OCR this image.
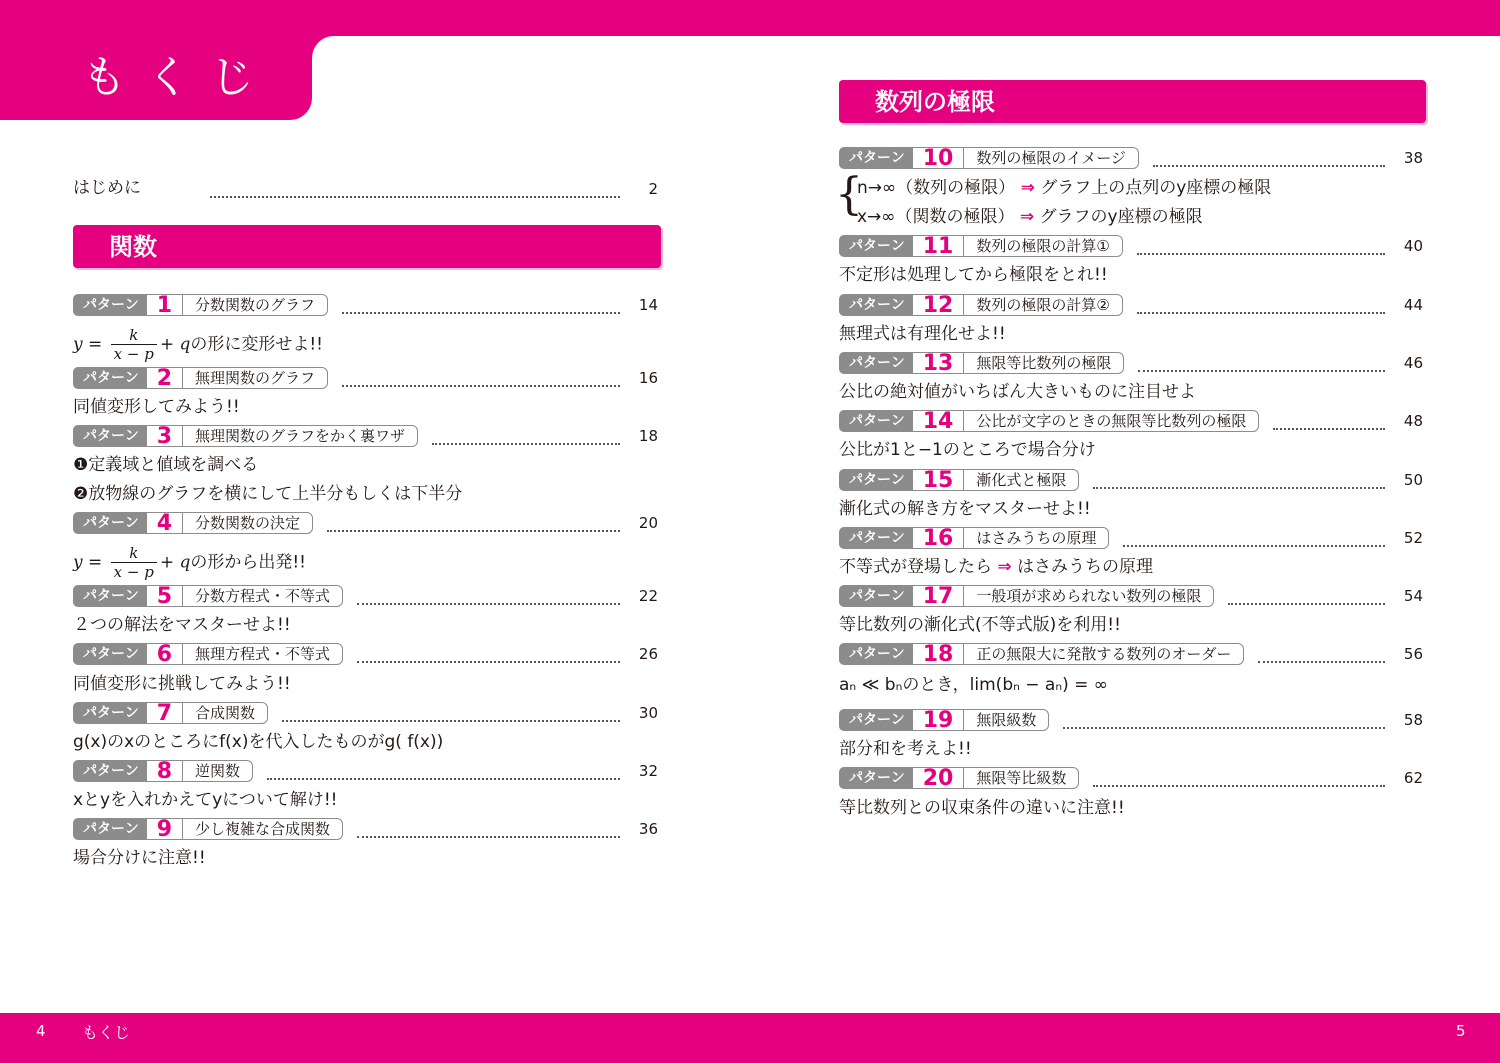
もくじ
はじめに	2
関数
数列の極限
パターン 1	分数関数のグラフ	14
$y = \frac{k}{x - p} + q$の形に変形せよ!!
パターン 2	無理関数のグラフ	16
同値変形してみよう!!
パターン 3	無理関数のグラフをかく裏ワザ	18
❶定義域と値域を調べる
❷放物線のグラフを横にして上半分もしくは下半分
パターン 4	分数関数の決定	20
$y = \frac{k}{x - p} + q$の形から出発!!
パターン 5	分数方程式・不等式	22
２つの解法をマスターせよ!!
パターン 6	無理方程式・不等式	26
同値変形に挑戦してみよう!!
パターン 7	合成関数	30
g(x)のxのところにf(x)を代入したものがg( f(x))
パターン 8	逆関数	32
xとyを入れかえてyについて解け!!
パターン 9	少し複雑な合成関数	36
場合分けに注意!!
パターン 10	数列の極限のイメージ	38
{
n→∞（数列の極限） ⇒ グラフ上の点列のy座標の極限
x→∞（関数の極限） ⇒ グラフのy座標の極限
パターン 11	数列の極限の計算①	40
不定形は処理してから極限をとれ!!
パターン 12	数列の極限の計算②	44
無理式は有理化せよ!!
パターン 13	無限等比数列の極限	46
公比の絶対値がいちばん大きいものに注目せよ
パターン 14	公比が文字のときの無限等比数列の極限	48
公比が1と−1のところで場合分け
パターン 15	漸化式と極限	50
漸化式の解き方をマスターせよ!!
パターン 16	はさみうちの原理	52
不等式が登場したら ⇒ はさみうちの原理
パターン 17	一般項が求められない数列の極限	54
等比数列の漸化式(不等式版)を利用!!
パターン 18	正の無限大に発散する数列のオーダー	56
aₙ ≪ bₙのとき，lim(bₙ − aₙ) = ∞
パターン 19	無限級数	58
部分和を考えよ!!
パターン 20	無限等比級数	62
等比数列との収束条件の違いに注意!!
4 もくじ	5
